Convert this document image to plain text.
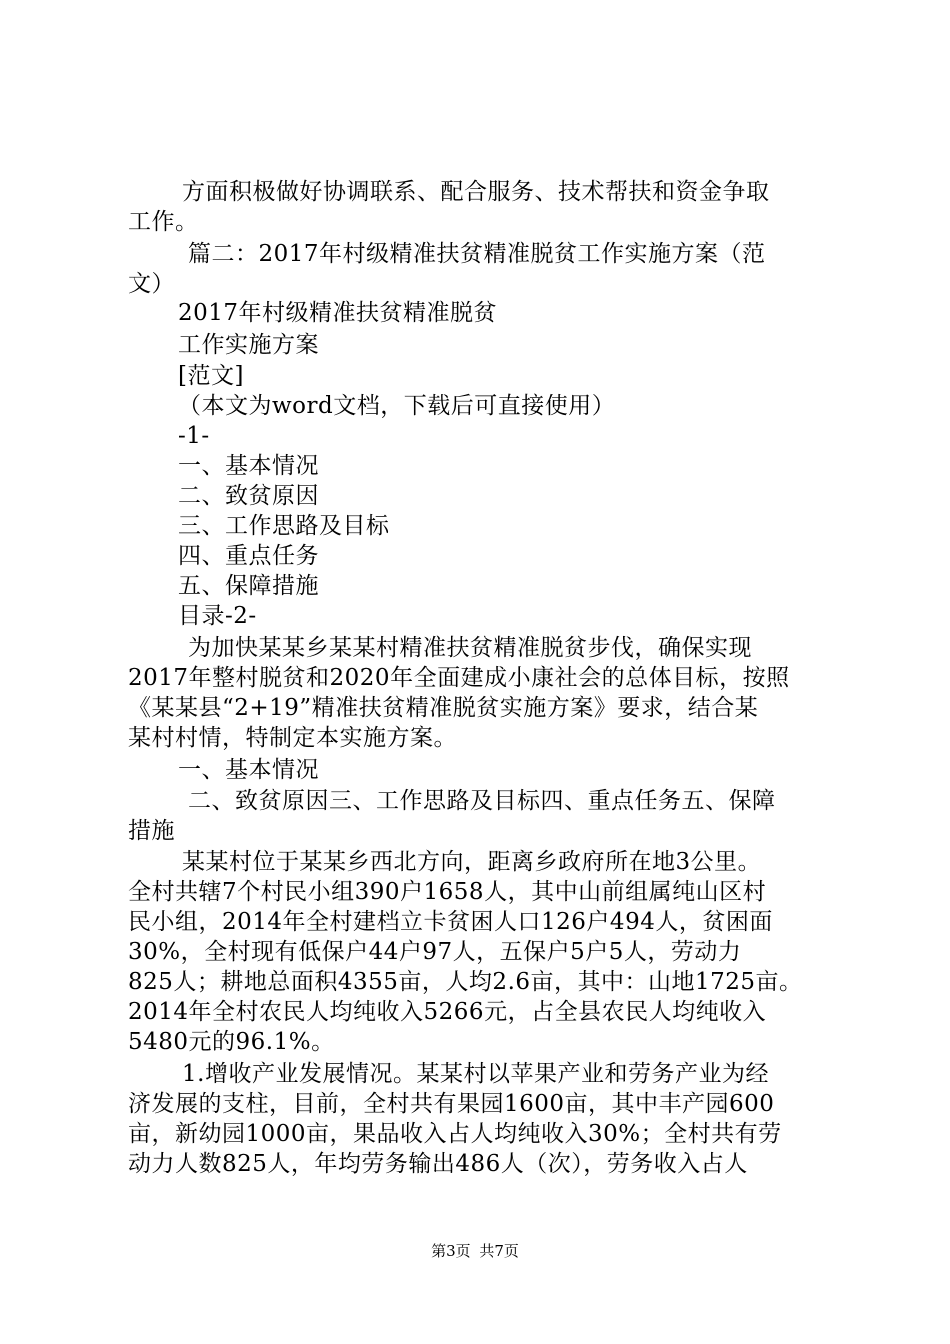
方面积极做好协调联系、配合服务、技术帮扶和资金争取
工作。
篇二：2017年村级精准扶贫精准脱贫工作实施方案（范
文）
2017年村级精准扶贫精准脱贫
工作实施方案
[范文]
（本文为word文档，下载后可直接使用）
-1-
一、基本情况
二、致贫原因
三、工作思路及目标
四、重点任务
五、保障措施
目录-2-
为加快某某乡某某村精准扶贫精准脱贫步伐，确保实现
2017年整村脱贫和2020年全面建成小康社会的总体目标，按照
《某某县“2+19”精准扶贫精准脱贫实施方案》要求，结合某
某村村情，特制定本实施方案。
一、基本情况
二、致贫原因三、工作思路及目标四、重点任务五、保障
措施
某某村位于某某乡西北方向，距离乡政府所在地3公里。
全村共辖7个村民小组390户1658人，其中山前组属纯山区村
民小组，2014年全村建档立卡贫困人口126户494人，贫困面
30%，全村现有低保户44户97人，五保户5户5人，劳动力
825人；耕地总面积4355亩，人均2.6亩，其中：山地1725亩。
2014年全村农民人均纯收入5266元，占全县农民人均纯收入
5480元的96.1%。
1.增收产业发展情况。某某村以苹果产业和劳务产业为经
济发展的支柱，目前，全村共有果园1600亩，其中丰产园600
亩，新幼园1000亩，果品收入占人均纯收入30%；全村共有劳
动力人数825人，年均劳务输出486人（次），劳务收入占人
第3页 共7页
